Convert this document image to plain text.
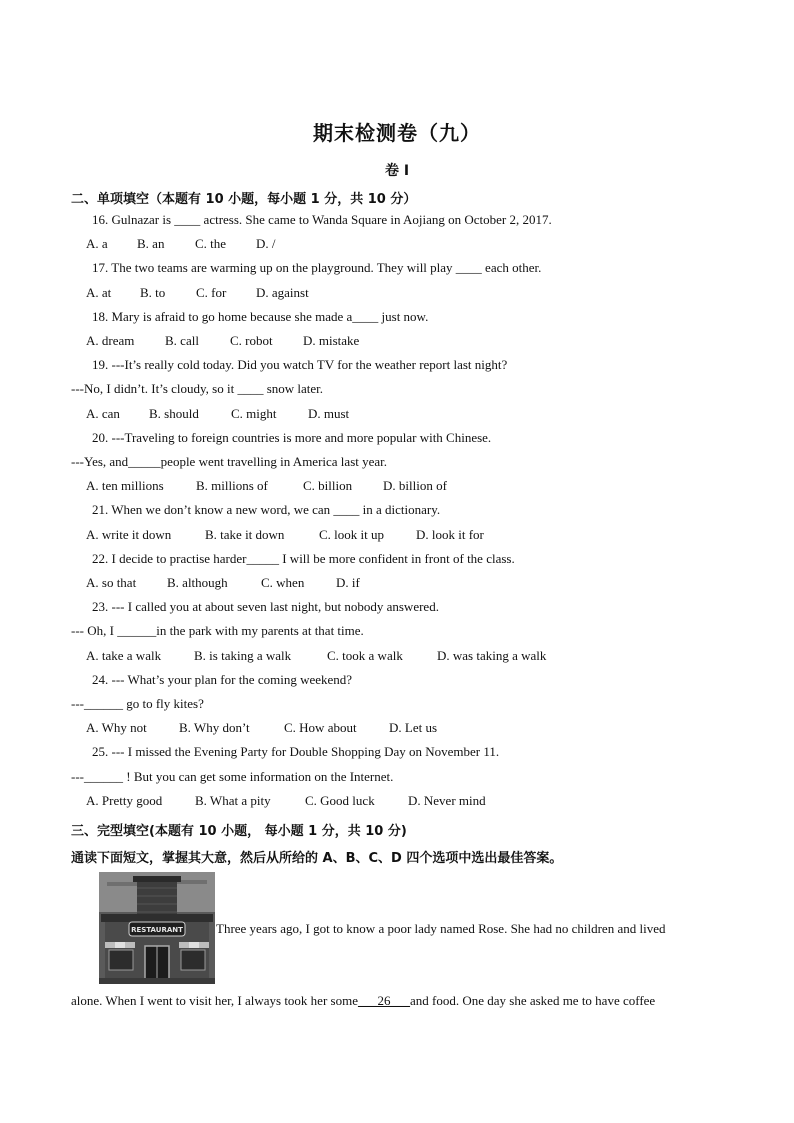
期末检测卷（九）
卷 I
二、单项填空（本题有 10 小题，每小题 1 分，共 10 分）
16. Gulnazar is ____ actress. She came to Wanda Square in Aojiang on October 2, 2017.
A. a B. an C. the D. /
17. The two teams are warming up on the playground. They will play ____ each other.
A. at B. to C. for D. against
18. Mary is afraid to go home because she made a____ just now.
A. dream B. call C. robot D. mistake
19. ---It’s really cold today. Did you watch TV for the weather report last night?
---No, I didn’t. It’s cloudy, so it ____ snow later.
A. can B. should C. might D. must
20. ---Traveling to foreign countries is more and more popular with Chinese.
---Yes, and_____people went travelling in America last year.
A. ten millions B. millions of	C. billion D. billion of
21. When we don’t know a new word, we can ____ in a dictionary.
A. write it down	B. take it down	C. look it up D. look it for
22. I decide to practise harder_____ I will be more confident in front of the class.
A. so that B. although	C. when D. if
23. --- I called you at about seven last night, but nobody answered.
--- Oh, I ______in the park with my parents at that time.
A. take a walk	B. is taking a walk	C. took a walk	D. was taking a walk
24. --- What’s your plan for the coming weekend?
---______ go to fly kites?
A. Why not B. Why don’t	C. How about D. Let us
25. --- I missed the Evening Party for Double Shopping Day on November 11.
---______ ! But you can get some information on the Internet.
A. Pretty good	B. What a pity	C. Good luck	D. Never mind
三、完型填空(本题有 10 小题， 每小题 1 分，共 10 分)
通读下面短文，掌握其大意，然后从所给的 A、B、C、D 四个选项中选出最佳答案。
RESTAURANT	Three years ago, I got to know a poor lady named Rose. She had no children and lived
alone. When I went to visit her, I always took her some___26___and food. One day she asked me to have coffee
